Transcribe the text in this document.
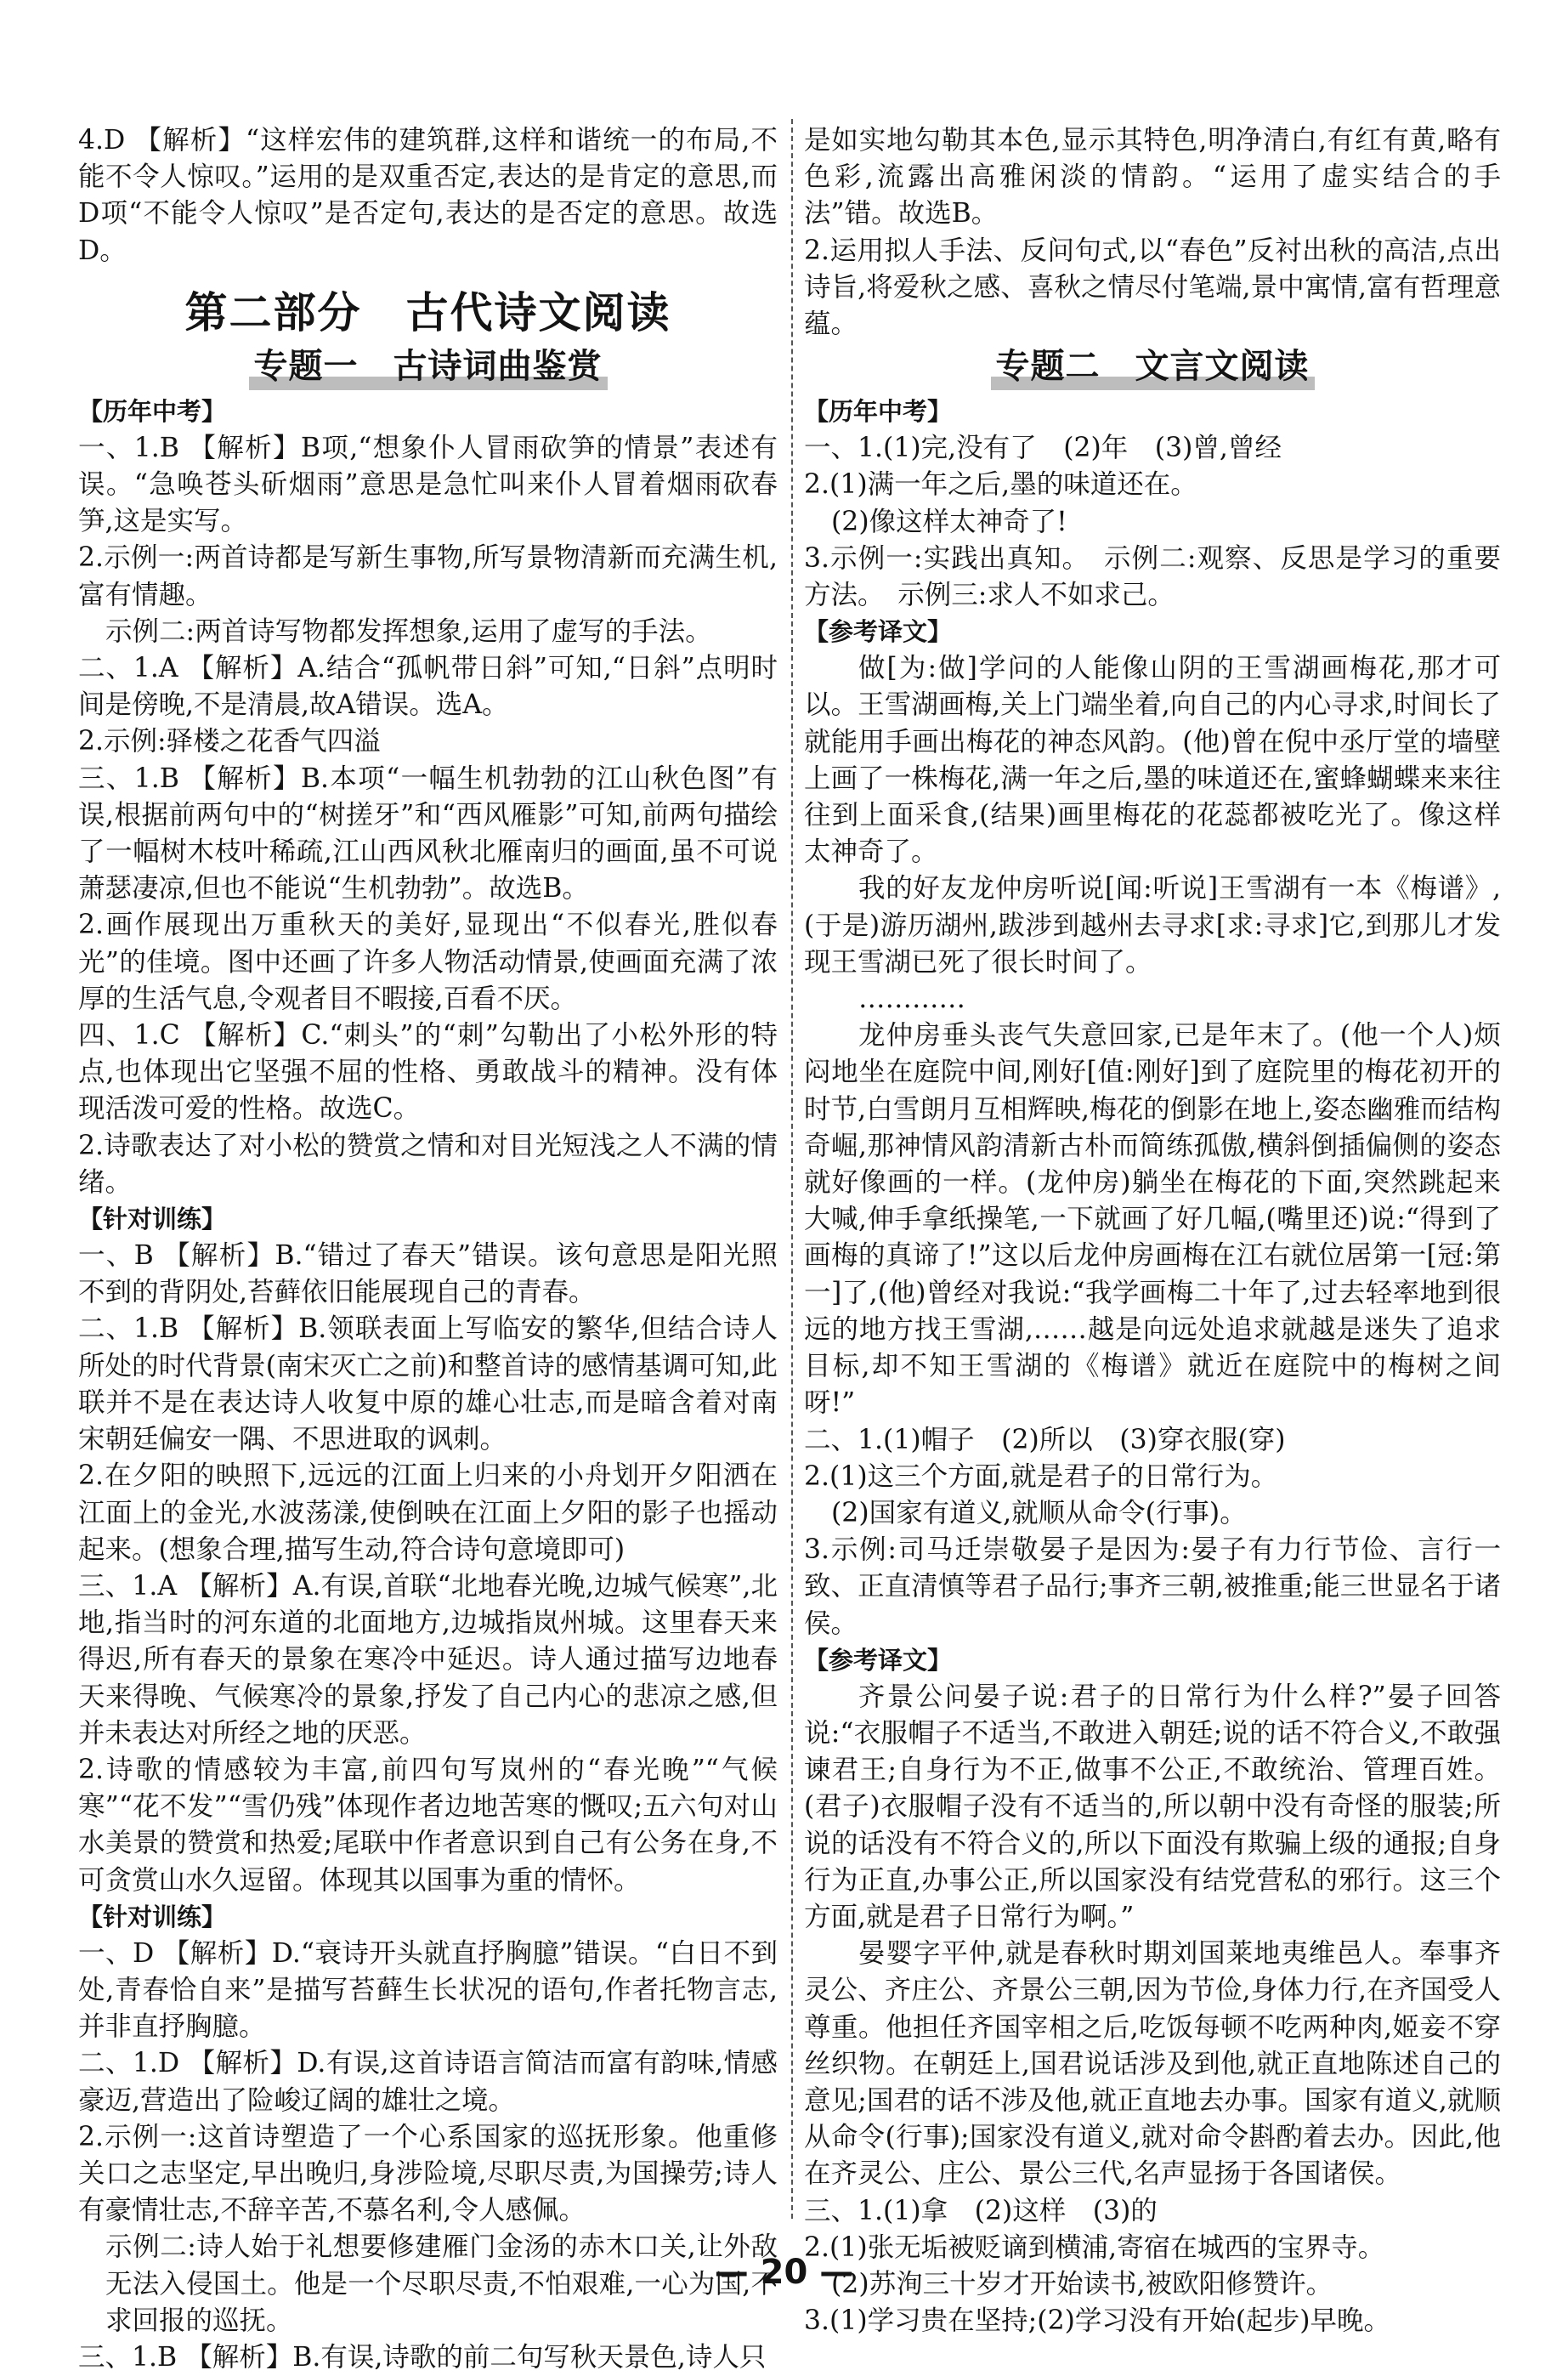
4.D 【解析】“这样宏伟的建筑群,这样和谐统一的布局,不能不令人惊叹。”运用的是双重否定,表达的是肯定的意思,而D项“不能令人惊叹”是否定句,表达的是否定的意思。故选D。
第二部分　古代诗文阅读
专题一　古诗词曲鉴赏
【历年中考】
一、1.B 【解析】B项,“想象仆人冒雨砍笋的情景”表述有误。“急唤苍头斫烟雨”意思是急忙叫来仆人冒着烟雨砍春笋,这是实写。
2.示例一:两首诗都是写新生事物,所写景物清新而充满生机,富有情趣。
示例二:两首诗写物都发挥想象,运用了虚写的手法。
二、1.A 【解析】A.结合“孤帆带日斜”可知,“日斜”点明时间是傍晚,不是清晨,故A错误。选A。
2.示例:驿楼之花香气四溢
三、1.B 【解析】B.本项“一幅生机勃勃的江山秋色图”有误,根据前两句中的“树搓牙”和“西风雁影”可知,前两句描绘了一幅树木枝叶稀疏,江山西风秋北雁南归的画面,虽不可说萧瑟凄凉,但也不能说“生机勃勃”。故选B。
2.画作展现出万重秋天的美好,显现出“不似春光,胜似春光”的佳境。图中还画了许多人物活动情景,使画面充满了浓厚的生活气息,令观者目不暇接,百看不厌。
四、1.C 【解析】C.“刺头”的“刺”勾勒出了小松外形的特点,也体现出它坚强不屈的性格、勇敢战斗的精神。没有体现活泼可爱的性格。故选C。
2.诗歌表达了对小松的赞赏之情和对目光短浅之人不满的情绪。
【针对训练】
一、B 【解析】B.“错过了春天”错误。该句意思是阳光照不到的背阴处,苔藓依旧能展现自己的青春。
二、1.B 【解析】B.领联表面上写临安的繁华,但结合诗人所处的时代背景(南宋灭亡之前)和整首诗的感情基调可知,此联并不是在表达诗人收复中原的雄心壮志,而是暗含着对南宋朝廷偏安一隅、不思进取的讽刺。
2.在夕阳的映照下,远远的江面上归来的小舟划开夕阳洒在江面上的金光,水波荡漾,使倒映在江面上夕阳的影子也摇动起来。(想象合理,描写生动,符合诗句意境即可)
三、1.A 【解析】A.有误,首联“北地春光晚,边城气候寒”,北地,指当时的河东道的北面地方,边城指岚州城。这里春天来得迟,所有春天的景象在寒冷中延迟。诗人通过描写边地春天来得晚、气候寒冷的景象,抒发了自己内心的悲凉之感,但并未表达对所经之地的厌恶。
2.诗歌的情感较为丰富,前四句写岚州的“春光晚”“气候寒”“花不发”“雪仍残”体现作者边地苦寒的慨叹;五六句对山水美景的赞赏和热爱;尾联中作者意识到自己有公务在身,不可贪赏山水久逗留。体现其以国事为重的情怀。
【针对训练】
一、D 【解析】D.“衰诗开头就直抒胸臆”错误。“白日不到处,青春恰自来”是描写苔藓生长状况的语句,作者托物言志,并非直抒胸臆。
二、1.D 【解析】D.有误,这首诗语言简洁而富有韵味,情感豪迈,营造出了险峻辽阔的雄壮之境。
2.示例一:这首诗塑造了一个心系国家的巡抚形象。他重修关口之志坚定,早出晚归,身涉险境,尽职尽责,为国操劳;诗人有豪情壮志,不辞辛苦,不慕名利,令人感佩。
示例二:诗人始于礼想要修建雁门金汤的赤木口关,让外敌无法入侵国土。他是一个尽职尽责,不怕艰难,一心为国,不求回报的巡抚。
三、1.B 【解析】B.有误,诗歌的前二句写秋天景色,诗人只
是如实地勾勒其本色,显示其特色,明净清白,有红有黄,略有色彩,流露出高雅闲淡的情韵。“运用了虚实结合的手法”错。故选B。
2.运用拟人手法、反问句式,以“春色”反衬出秋的高洁,点出诗旨,将爱秋之感、喜秋之情尽付笔端,景中寓情,富有哲理意蕴。
专题二　文言文阅读
【历年中考】
一、1.(1)完,没有了　(2)年　(3)曾,曾经
2.(1)满一年之后,墨的味道还在。
(2)像这样太神奇了!
3.示例一:实践出真知。　示例二:观察、反思是学习的重要方法。　示例三:求人不如求己。
【参考译文】
做[为:做]学问的人能像山阴的王雪湖画梅花,那才可以。王雪湖画梅,关上门端坐着,向自己的内心寻求,时间长了就能用手画出梅花的神态风韵。(他)曾在倪中丞厅堂的墙壁上画了一株梅花,满一年之后,墨的味道还在,蜜蜂蝴蝶来来往往到上面采食,(结果)画里梅花的花蕊都被吃光了。像这样太神奇了。
我的好友龙仲房听说[闻:听说]王雪湖有一本《梅谱》,(于是)游历湖州,跋涉到越州去寻求[求:寻求]它,到那儿才发现王雪湖已死了很长时间了。
…………
龙仲房垂头丧气失意回家,已是年末了。(他一个人)烦闷地坐在庭院中间,刚好[值:刚好]到了庭院里的梅花初开的时节,白雪朗月互相辉映,梅花的倒影在地上,姿态幽雅而结构奇崛,那神情风韵清新古朴而简练孤傲,横斜倒插偏侧的姿态就好像画的一样。(龙仲房)躺坐在梅花的下面,突然跳起来大喊,伸手拿纸操笔,一下就画了好几幅,(嘴里还)说:“得到了画梅的真谛了!”这以后龙仲房画梅在江右就位居第一[冠:第一]了,(他)曾经对我说:“我学画梅二十年了,过去轻率地到很远的地方找王雪湖,……越是向远处追求就越是迷失了追求目标,却不知王雪湖的《梅谱》就近在庭院中的梅树之间呀!”
二、1.(1)帽子　(2)所以　(3)穿衣服(穿)
2.(1)这三个方面,就是君子的日常行为。
(2)国家有道义,就顺从命令(行事)。
3.示例:司马迁崇敬晏子是因为:晏子有力行节俭、言行一致、正直清慎等君子品行;事齐三朝,被推重;能三世显名于诸侯。
【参考译文】
齐景公问晏子说:君子的日常行为什么样?”晏子回答说:“衣服帽子不适当,不敢进入朝廷;说的话不符合义,不敢强谏君王;自身行为不正,做事不公正,不敢统治、管理百姓。(君子)衣服帽子没有不适当的,所以朝中没有奇怪的服装;所说的话没有不符合义的,所以下面没有欺骗上级的通报;自身行为正直,办事公正,所以国家没有结党营私的邪行。这三个方面,就是君子日常行为啊。”
晏婴字平仲,就是春秋时期刘国莱地夷维邑人。奉事齐灵公、齐庄公、齐景公三朝,因为节俭,身体力行,在齐国受人尊重。他担任齐国宰相之后,吃饭每顿不吃两种肉,姬妾不穿丝织物。在朝廷上,国君说话涉及到他,就正直地陈述自己的意见;国君的话不涉及他,就正直地去办事。国家有道义,就顺从命令(行事);国家没有道义,就对命令斟酌着去办。因此,他在齐灵公、庄公、景公三代,名声显扬于各国诸侯。
三、1.(1)拿　(2)这样　(3)的
2.(1)张无垢被贬谪到横浦,寄宿在城西的宝界寺。
(2)苏洵三十岁才开始读书,被欧阳修赞许。
3.(1)学习贵在坚持;(2)学习没有开始(起步)早晚。
— 20 —
